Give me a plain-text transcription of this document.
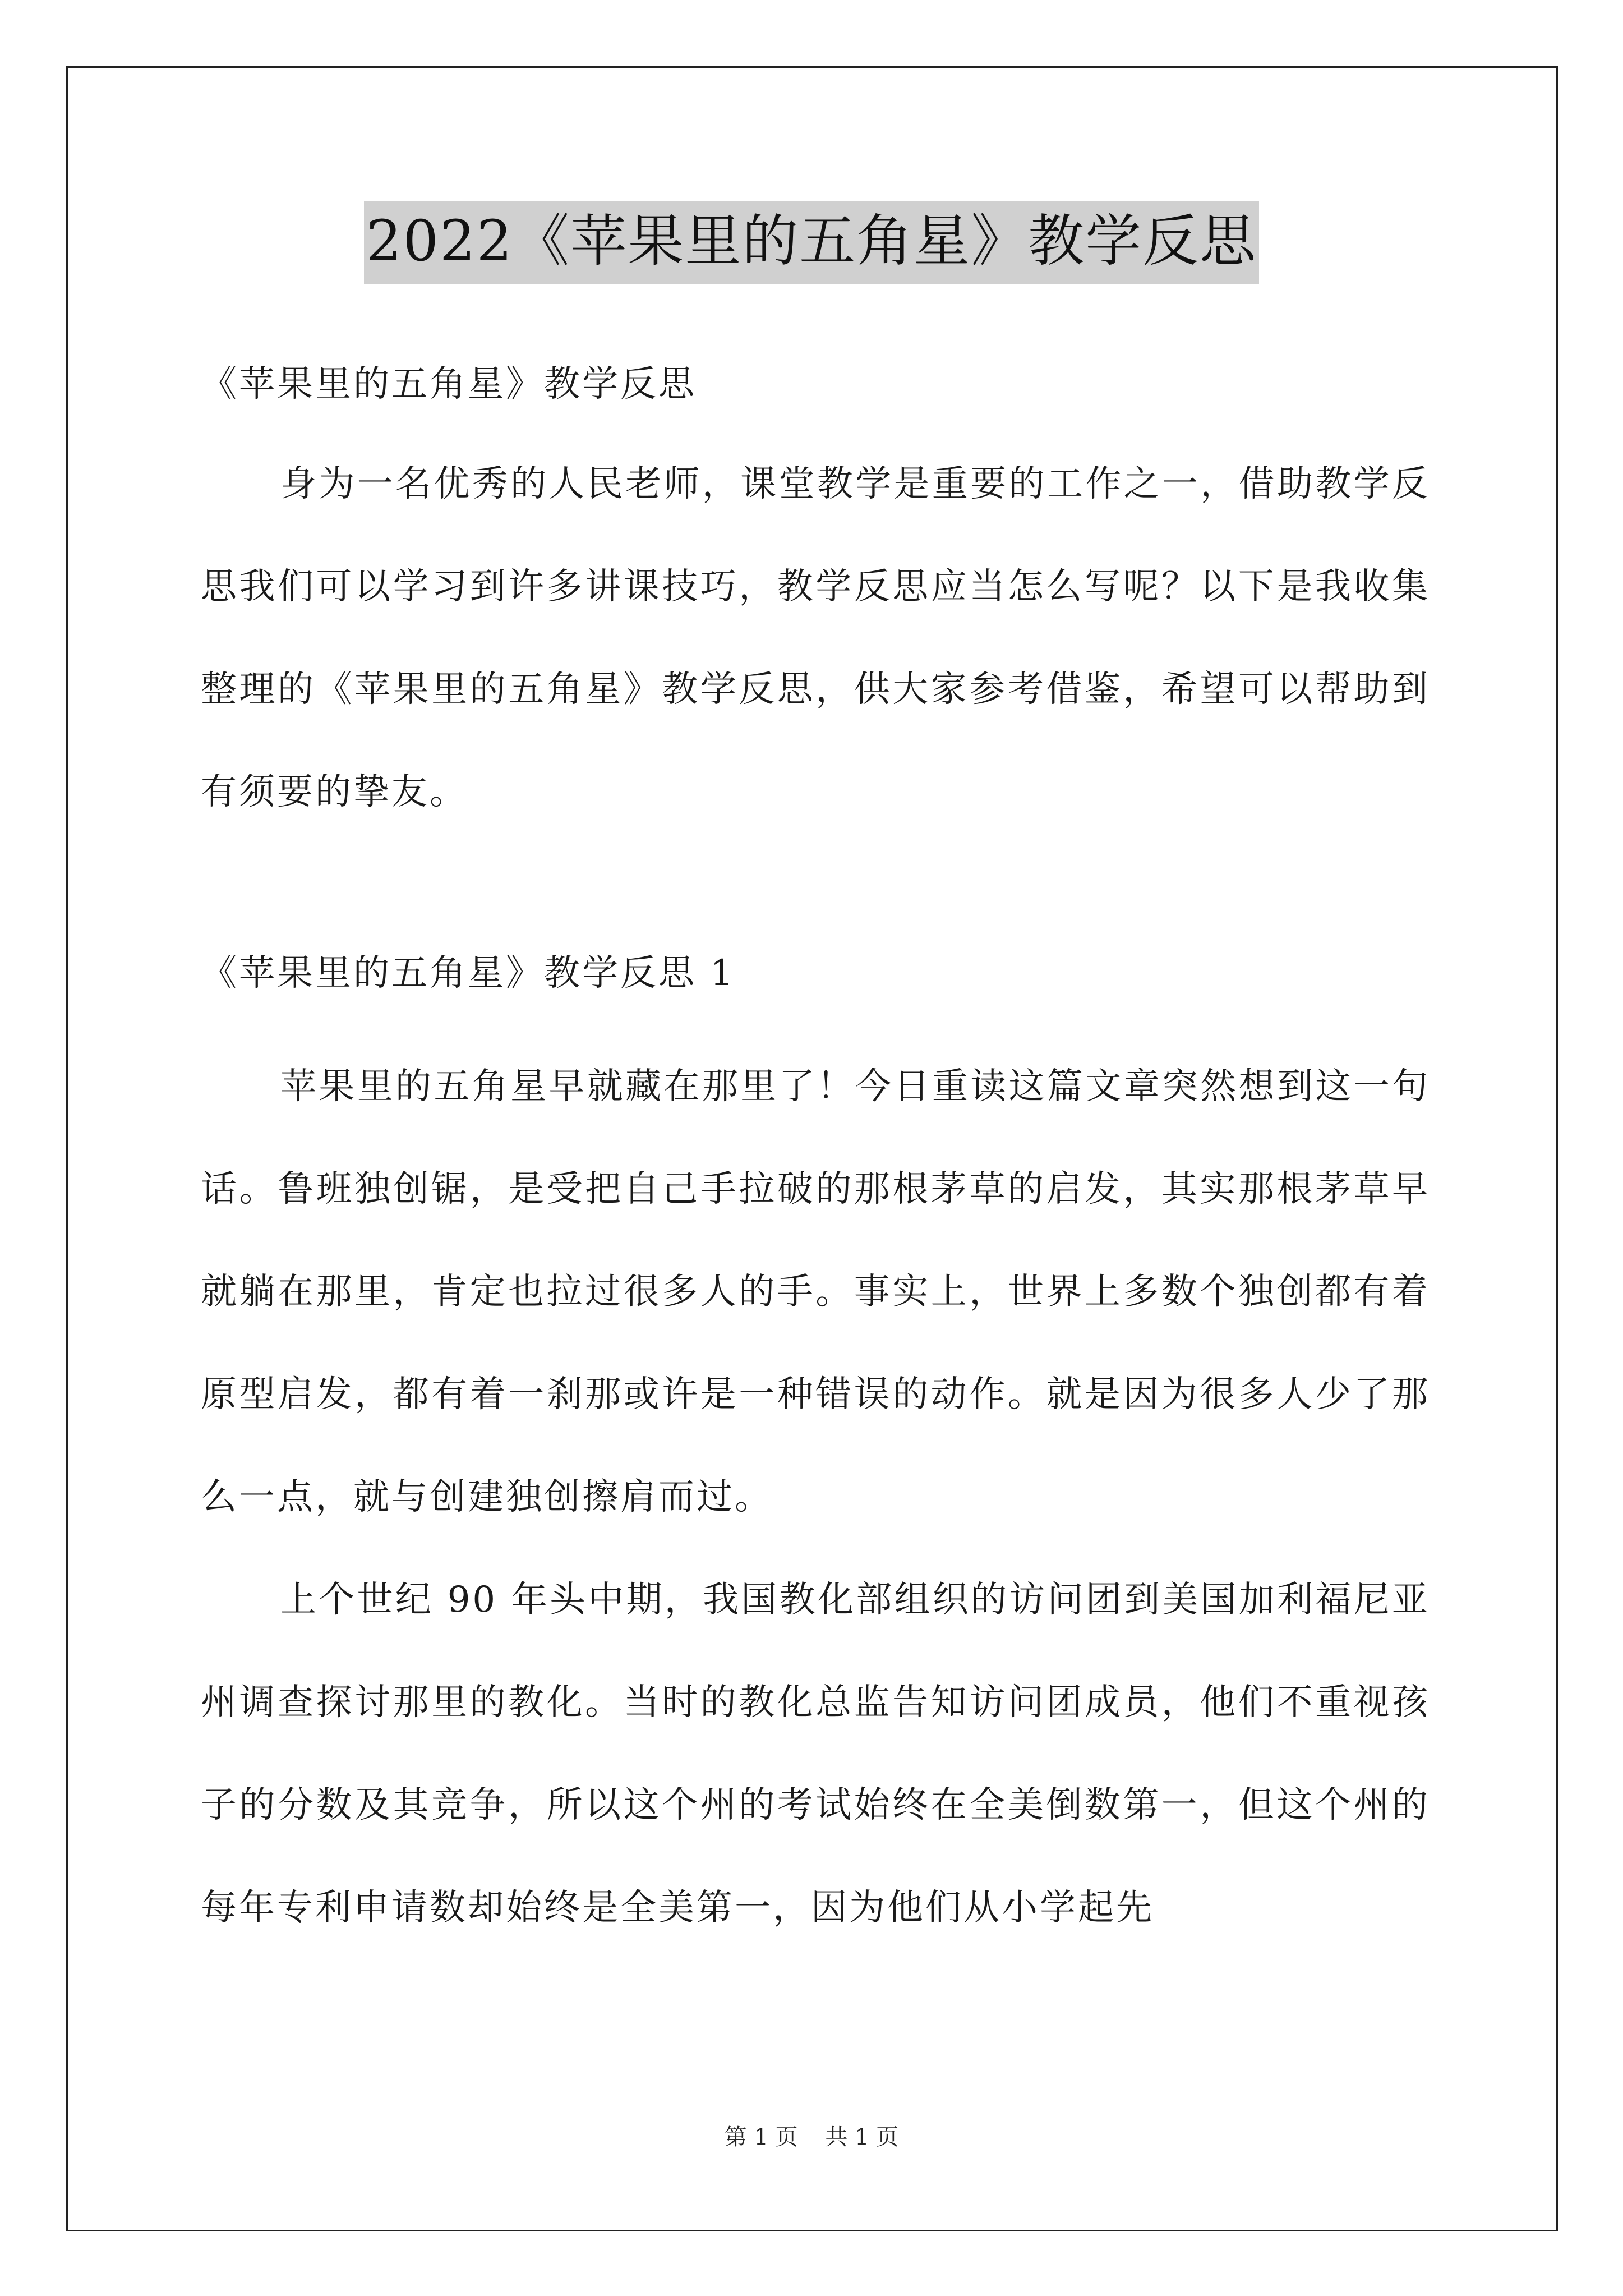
2022《苹果里的五角星》教学反思

《苹果里的五角星》教学反思

身为一名优秀的人民老师，课堂教学是重要的工作之一，借助教学反思我们可以学习到许多讲课技巧，教学反思应当怎么写呢？以下是我收集整理的《苹果里的五角星》教学反思，供大家参考借鉴，希望可以帮助到有须要的挚友。

《苹果里的五角星》教学反思 1

苹果里的五角星早就藏在那里了！今日重读这篇文章突然想到这一句话。鲁班独创锯，是受把自己手拉破的那根茅草的启发，其实那根茅草早就躺在那里，肯定也拉过很多人的手。事实上，世界上多数个独创都有着原型启发，都有着一刹那或许是一种错误的动作。就是因为很多人少了那么一点，就与创建独创擦肩而过。

上个世纪 90 年头中期，我国教化部组织的访问团到美国加利福尼亚州调查探讨那里的教化。当时的教化总监告知访问团成员，他们不重视孩子的分数及其竞争，所以这个州的考试始终在全美倒数第一，但这个州的每年专利申请数却始终是全美第一，因为他们从小学起先

第 1 页 共 1 页
